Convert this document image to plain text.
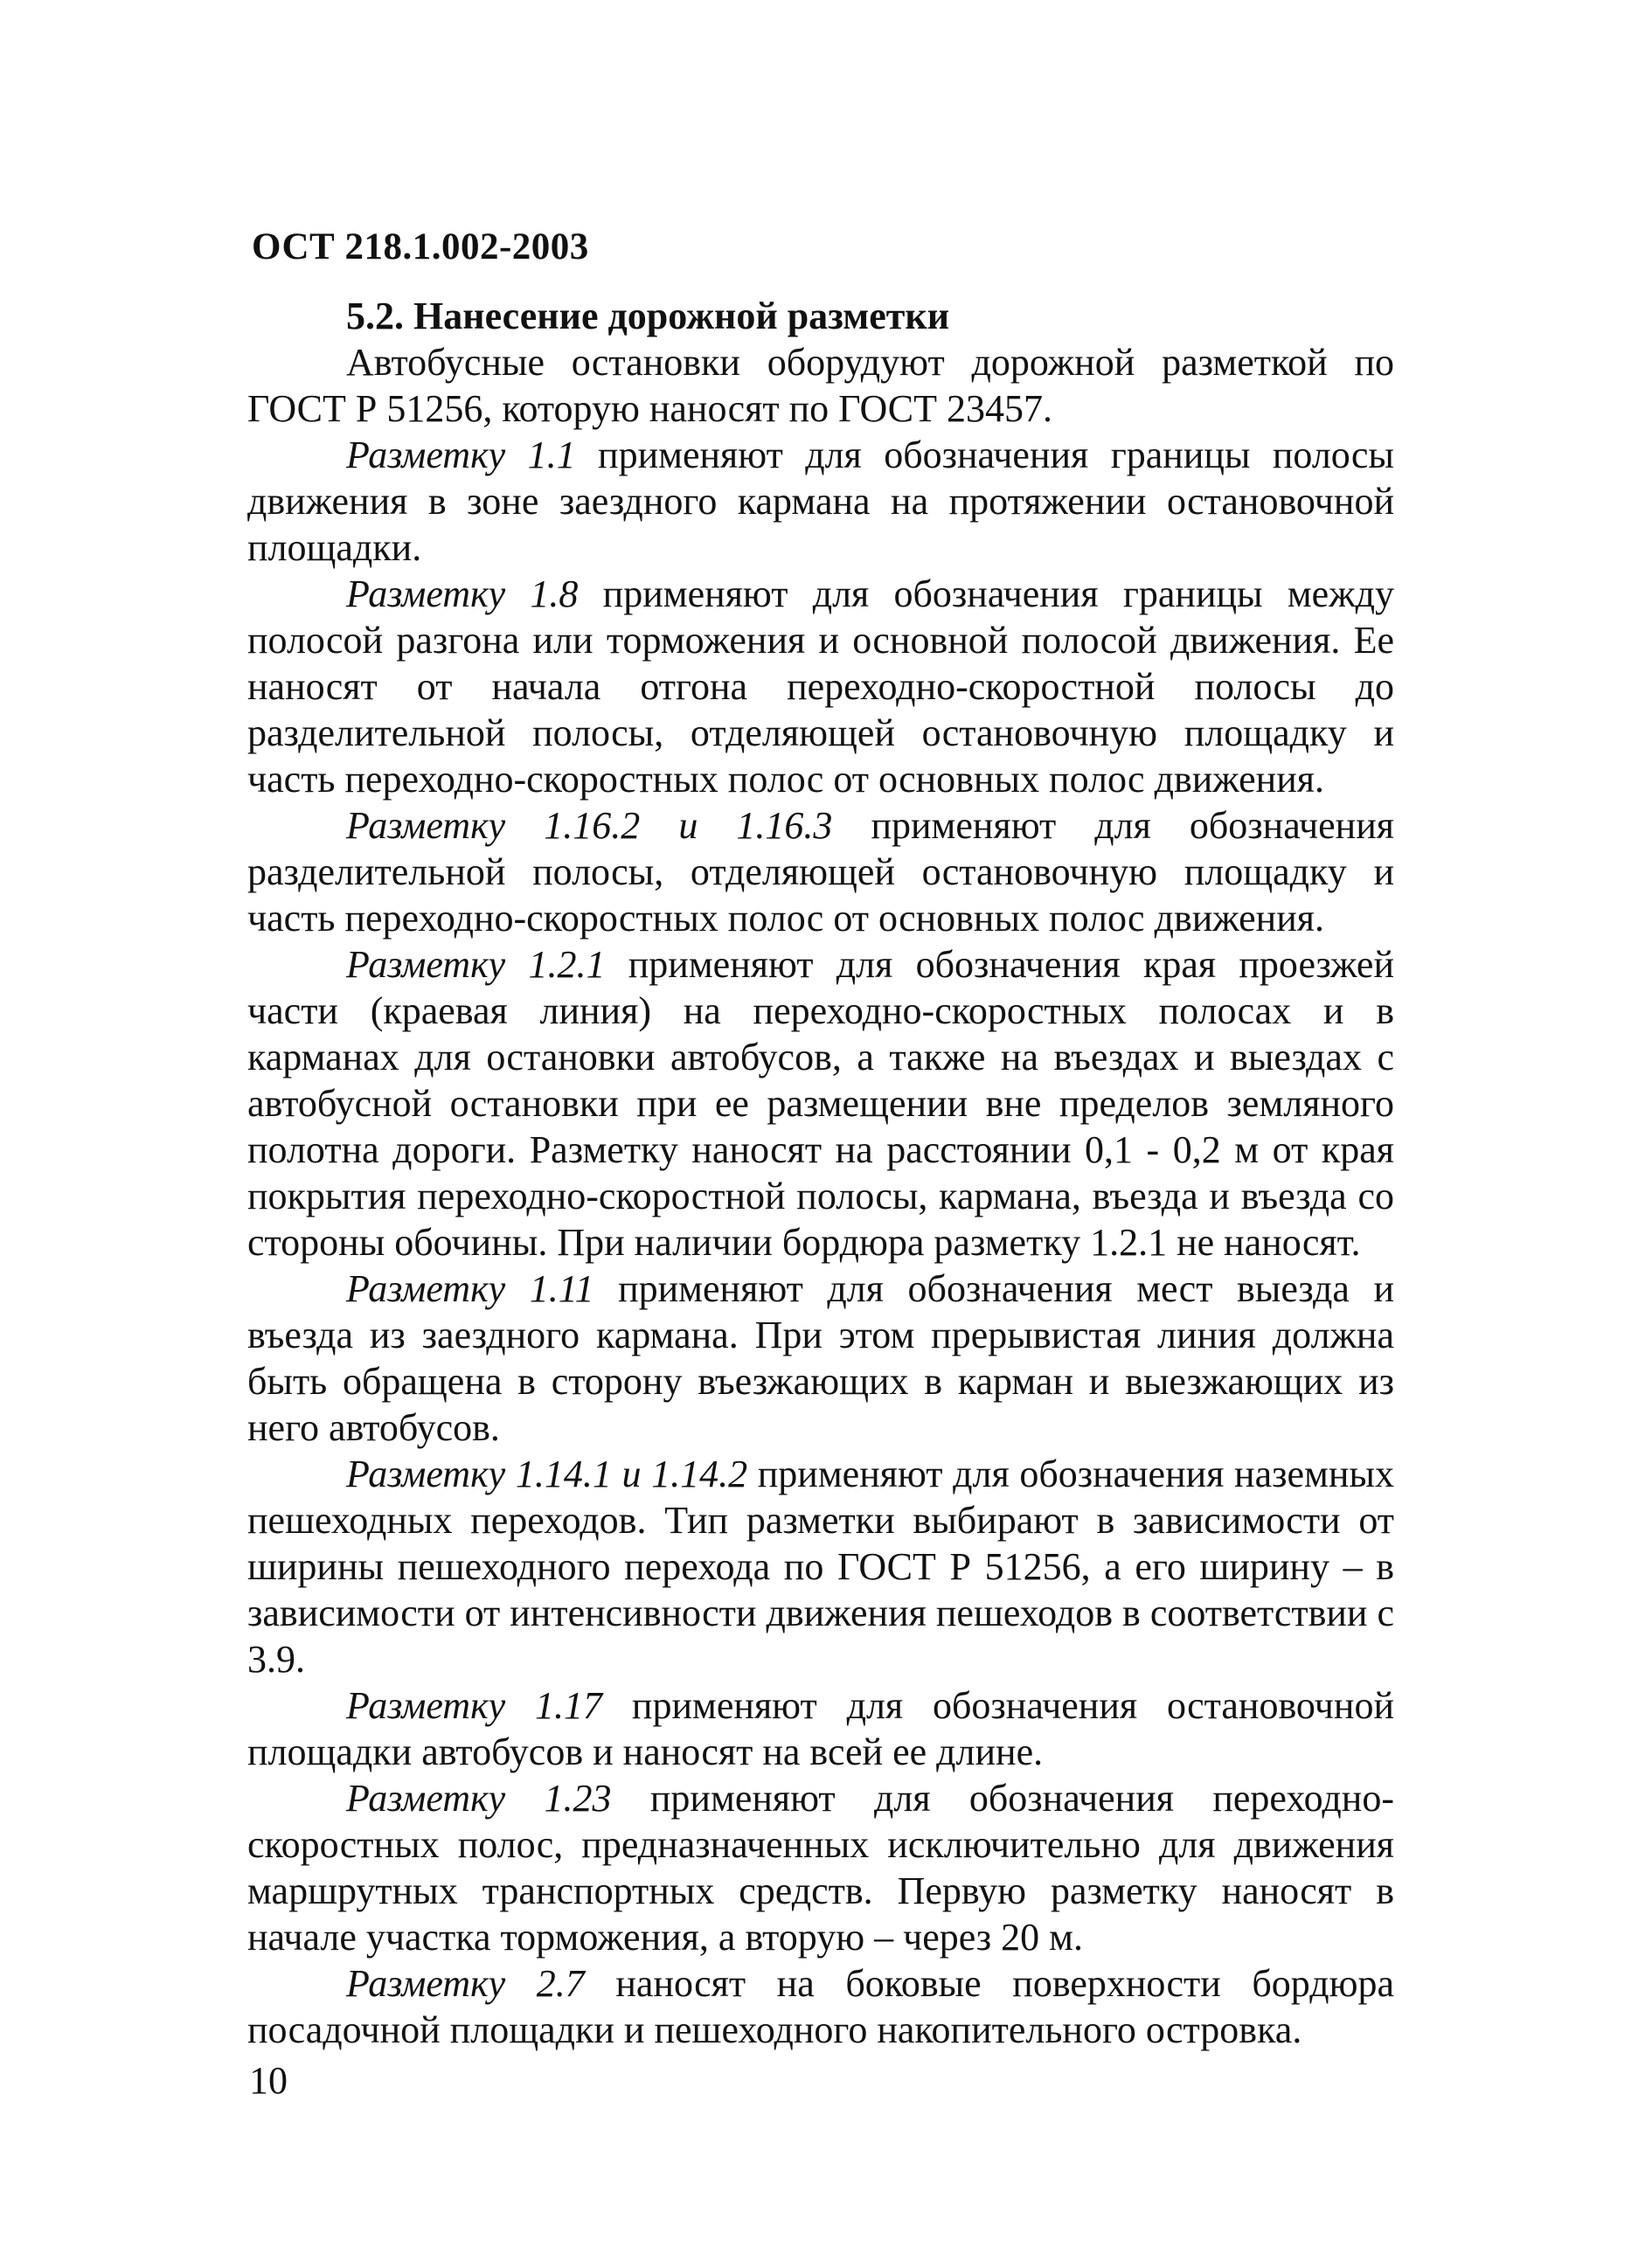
ОСТ 218.1.002-2003

5.2. Нанесение дорожной разметки

Автобусные остановки оборудуют дорожной разметкой по ГОСТ Р 51256, которую наносят по ГОСТ 23457.

Разметку 1.1 применяют для обозначения границы полосы движения в зоне заездного кармана на протяжении остановочной площадки.

Разметку 1.8 применяют для обозначения границы между полосой разгона или торможения и основной полосой движения. Ее наносят от начала отгона переходно-скоростной полосы до разделительной полосы, отделяющей остановочную площадку и часть переходно-скоростных полос от основных полос движения.

Разметку 1.16.2 и 1.16.3 применяют для обозначения разделительной полосы, отделяющей остановочную площадку и часть переходно-скоростных полос от основных полос движения.

Разметку 1.2.1 применяют для обозначения края проезжей части (краевая линия) на переходно-скоростных полосах и в карманах для остановки автобусов, а также на въездах и выездах с автобусной остановки при ее размещении вне пределов земляного полотна дороги. Разметку наносят на расстоянии 0,1 - 0,2 м от края покрытия переходно-скоростной полосы, кармана, въезда и въезда со стороны обочины. При наличии бордюра разметку 1.2.1 не наносят.

Разметку 1.11 применяют для обозначения мест выезда и въезда из заездного кармана. При этом прерывистая линия должна быть обращена в сторону въезжающих в карман и выезжающих из него автобусов.

Разметку 1.14.1 и 1.14.2 применяют для обозначения наземных пешеходных переходов. Тип разметки выбирают в зависимости от ширины пешеходного перехода по ГОСТ Р 51256, а его ширину – в зависимости от интенсивности движения пешеходов в соответствии с 3.9.

Разметку 1.17 применяют для обозначения остановочной площадки автобусов и наносят на всей ее длине.

Разметку 1.23 применяют для обозначения переходно-скоростных полос, предназначенных исключительно для движения маршрутных транспортных средств. Первую разметку наносят в начале участка торможения, а вторую – через 20 м.

Разметку 2.7 наносят на боковые поверхности бордюра посадочной площадки и пешеходного накопительного островка.

10
